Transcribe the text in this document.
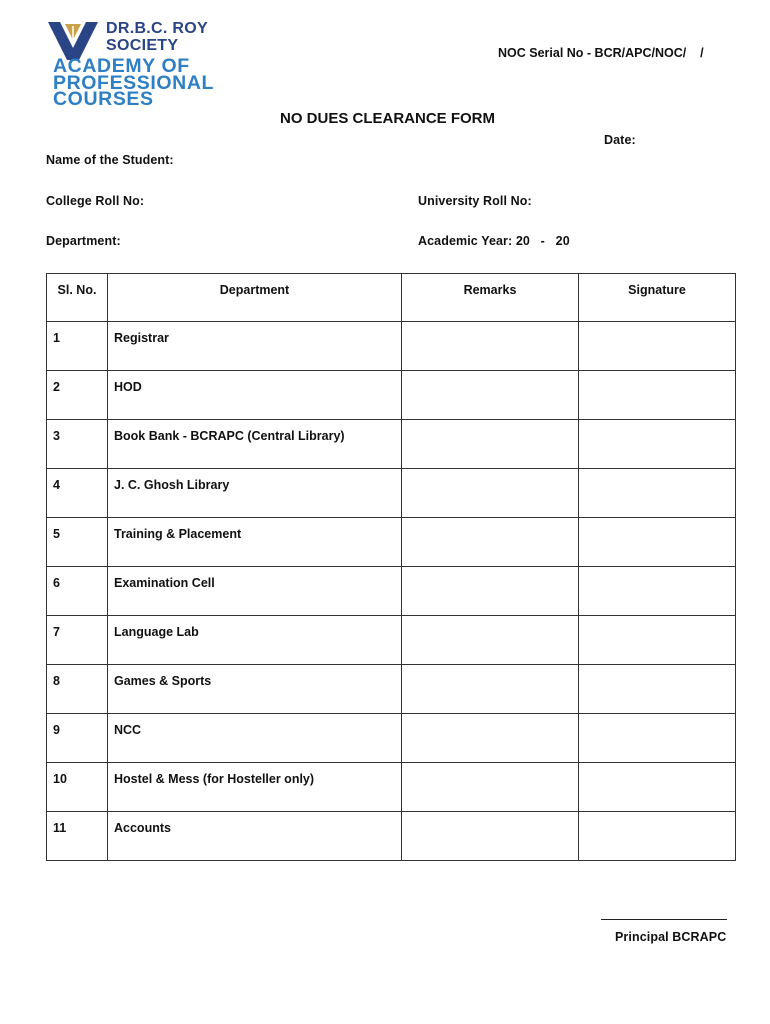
DR.B.C. ROY
SOCIETY
ACADEMY OF
PROFESSIONAL
COURSES
NOC Serial No - BCR/APC/NOC/    /
NO DUES CLEARANCE FORM
Date:
Name of the Student:
College Roll No:	University Roll No:
Department:	Academic Year: 20   -   20
Sl. No.	Department	Remarks	Signature
1	Registrar		
2	HOD		
3	Book Bank - BCRAPC (Central Library)		
4	J. C. Ghosh Library		
5	Training & Placement		
6	Examination Cell		
7	Language Lab		
8	Games & Sports		
9	NCC		
10	Hostel & Mess (for Hosteller only)		
11	Accounts		
Principal BCRAPC
